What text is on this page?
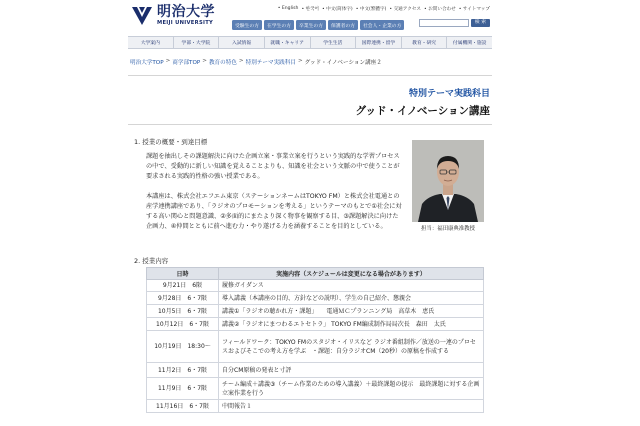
明治大学
MEIJI UNIVERSITY
• English • 한국어 • 中文(简体字) • 中文(繁體字) • 交通アクセス • お問い合わせ • サイトマップ
受験生の方	在学生の方	卒業生の方	保護者の方	社会人・企業の方
検 索
大学案内	学部・大学院	入試情報	就職・キャリア	学生生活	国際連携・留学	教育・研究	付属機関・施設
明治大学TOP > 商学部TOP > 教育の特色 > 特別テーマ実践科目 > グッド・イノベーション講座２
特別テーマ実践科目
グッド・イノベーション講座
1. 授業の概要・到達目標

課題を抽出しその課題解決に向けた企画立案・事業立案を行うという実践的な学習プロセスの中で、受動的に新しい知識を覚えることよりも、知識を社会という文脈の中で使うことが要求される実践的性格の強い授業である。

本講座は、株式会社エフエム東京（ステーションネームはTOKYO FM）と株式会社電通との産学連携講座であり、「ラジオのプロモーションを考える」というテーマのもとで①社会に対する高い関心と問題意識、②多面的にまたより深く物事を観察する目、③課題解決に向けた企画力、④仲間とともに前へ進む力・やり遂げる力を涵養することを目的としている。	担当：福田康典准教授
2. 授業内容
日時	実施内容（スケジュールは変更になる場合があります）
9月21日　6限	履修ガイダンス
9月28日　6・7限	導入講義（本講座の目的、方針などの説明）、学生の自己紹介、懇親会
10月5日　6・7限	講義①「ラジオの聴かれ方・課題」　　電通ＭＣプランニング局　高草木　恵氏
10月12日　6・7限	講義②「ラジオにまつわるエトセトラ」 TOKYO FM編成制作局局次長　森田　太氏
10月19日　18:30〜	フィールドワーク：TOKYO FMのスタジオ・イリスなど ラジオ番組制作／放送の一連のプロセスおよびそこでの考え方を学ぶ　・課題：自分ラジオCM（20秒）の原稿を作成する
11月2日　6・7限	自分CM原稿の発表と寸評
11月9日　6・7限	チーム編成＋講義③（チーム作業のための導入講義）＋最終課題の提示　最終課題に対する企画立案作業を行う
11月16日　6・7限	中間報告１
